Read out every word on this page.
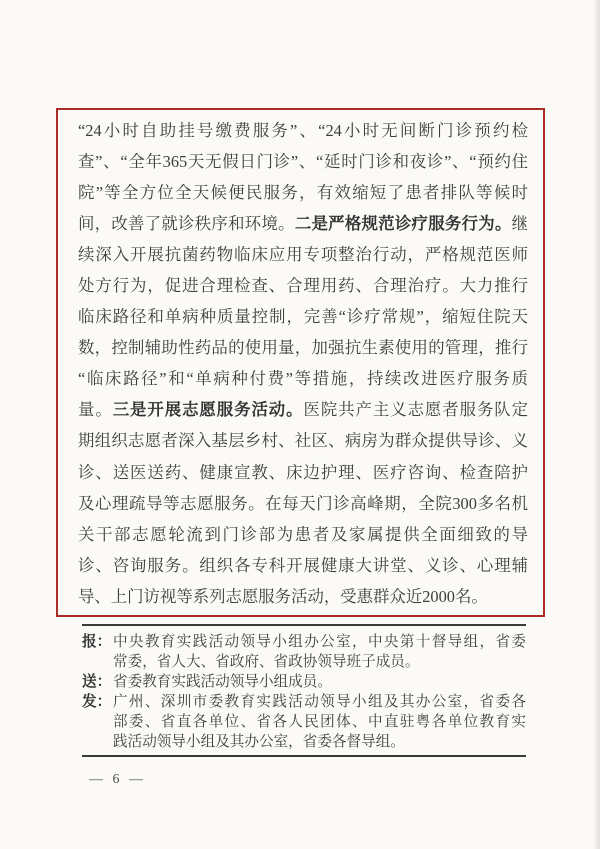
“24小时自助挂号缴费服务”、“24小时无间断门诊预约检
查”、“全年365天无假日门诊”、“延时门诊和夜诊”、“预约住
院”等全方位全天候便民服务，有效缩短了患者排队等候时
间，改善了就诊秩序和环境。二是严格规范诊疗服务行为。继
续深入开展抗菌药物临床应用专项整治行动，严格规范医师
处方行为，促进合理检查、合理用药、合理治疗。大力推行
临床路径和单病种质量控制，完善“诊疗常规”，缩短住院天
数，控制辅助性药品的使用量，加强抗生素使用的管理，推行
“临床路径”和“单病种付费”等措施，持续改进医疗服务质
量。三是开展志愿服务活动。医院共产主义志愿者服务队定
期组织志愿者深入基层乡村、社区、病房为群众提供导诊、义
诊、送医送药、健康宣教、床边护理、医疗咨询、检查陪护
及心理疏导等志愿服务。在每天门诊高峰期，全院300多名机
关干部志愿轮流到门诊部为患者及家属提供全面细致的导
诊、咨询服务。组织各专科开展健康大讲堂、义诊、心理辅
导、上门访视等系列志愿服务活动，受惠群众近2000名。
报： 中央教育实践活动领导小组办公室，中央第十督导组，省委
常委，省人大、省政府、省政协领导班子成员。
送： 省委教育实践活动领导小组成员。
发： 广州、深圳市委教育实践活动领导小组及其办公室，省委各
部委、省直各单位、省各人民团体、中直驻粤各单位教育实
践活动领导小组及其办公室，省委各督导组。
— 6 —
